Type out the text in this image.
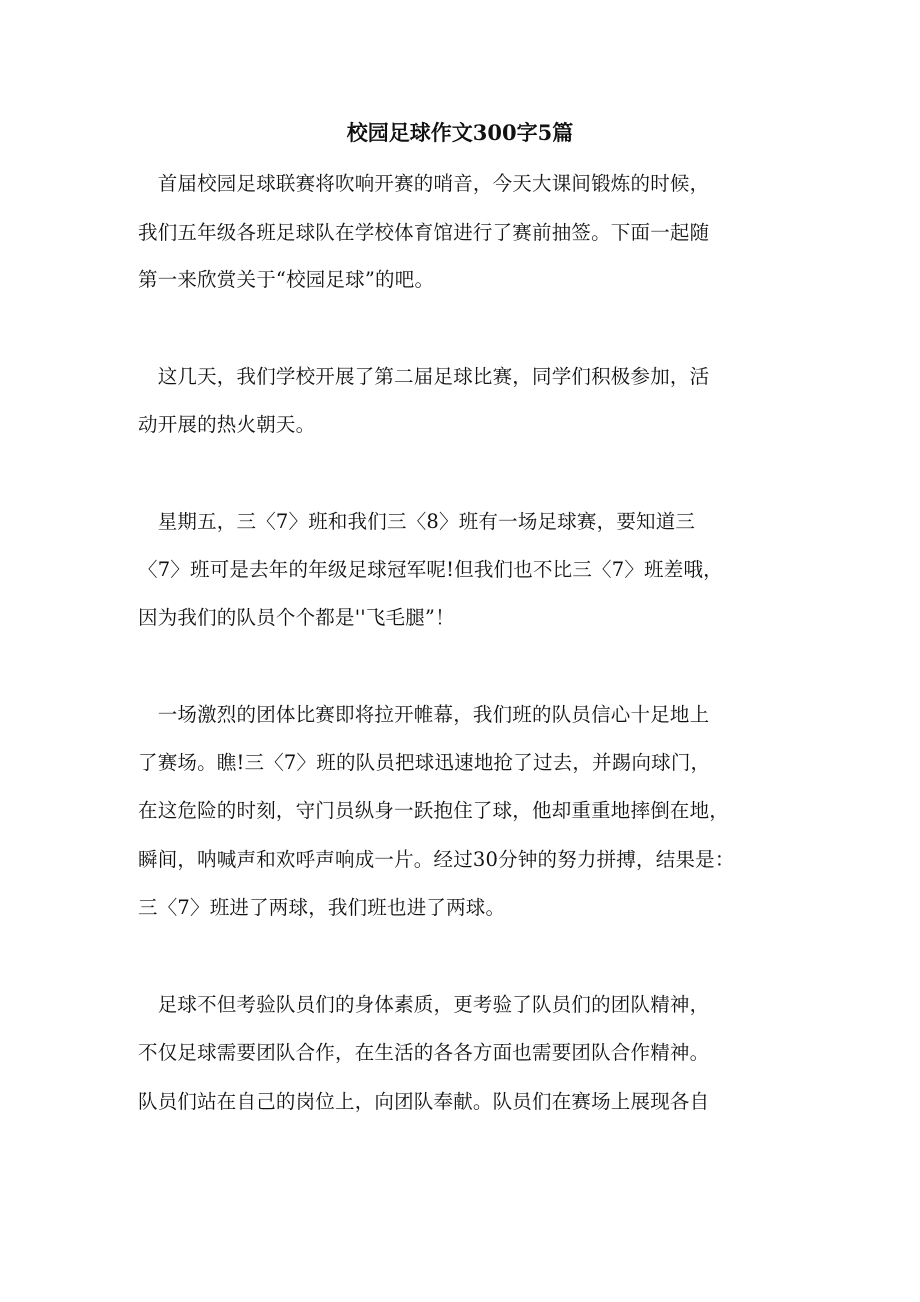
校园足球作文300字5篇
　首届校园足球联赛将吹响开赛的哨音，今天大课间锻炼的时候，
我们五年级各班足球队在学校体育馆进行了赛前抽签。下面一起随
第一来欣赏关于“校园足球”的吧。
　这几天，我们学校开展了第二届足球比赛，同学们积极参加，活
动开展的热火朝天。
　星期五，三〈7〉班和我们三〈8〉班有一场足球赛，要知道三
〈7〉班可是去年的年级足球冠军呢!但我们也不比三〈7〉班差哦，
因为我们的队员个个都是''飞毛腿”！
　一场激烈的团体比赛即将拉开帷幕，我们班的队员信心十足地上
了赛场。瞧!三〈7〉班的队员把球迅速地抢了过去，并踢向球门，
在这危险的时刻，守门员纵身一跃抱住了球，他却重重地摔倒在地，
瞬间，呐喊声和欢呼声响成一片。经过30分钟的努力拼搏，结果是：
三〈7〉班进了两球，我们班也进了两球。
　足球不但考验队员们的身体素质，更考验了队员们的团队精神，
不仅足球需要团队合作，在生活的各各方面也需要团队合作精神。
队员们站在自己的岗位上，向团队奉献。队员们在赛场上展现各自
